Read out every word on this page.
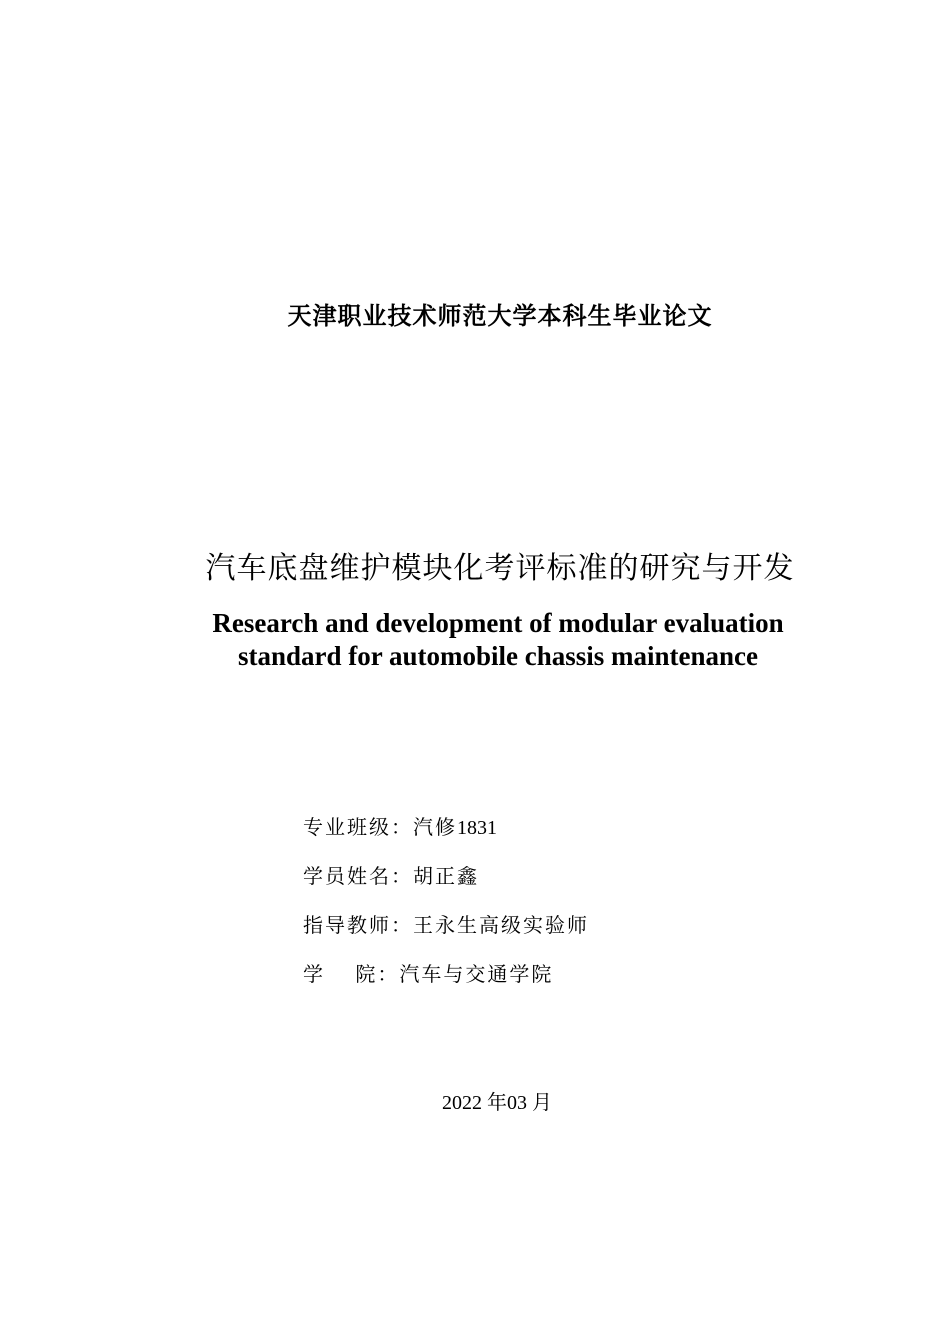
天津职业技术师范大学本科生毕业论文
汽车底盘维护模块化考评标准的研究与开发
Research and development of modular evaluation
standard for automobile chassis maintenance
专业班级：汽修1831
学员姓名：胡正鑫
指导教师：王永生高级实验师
学　 院：汽车与交通学院
2022 年03 月
